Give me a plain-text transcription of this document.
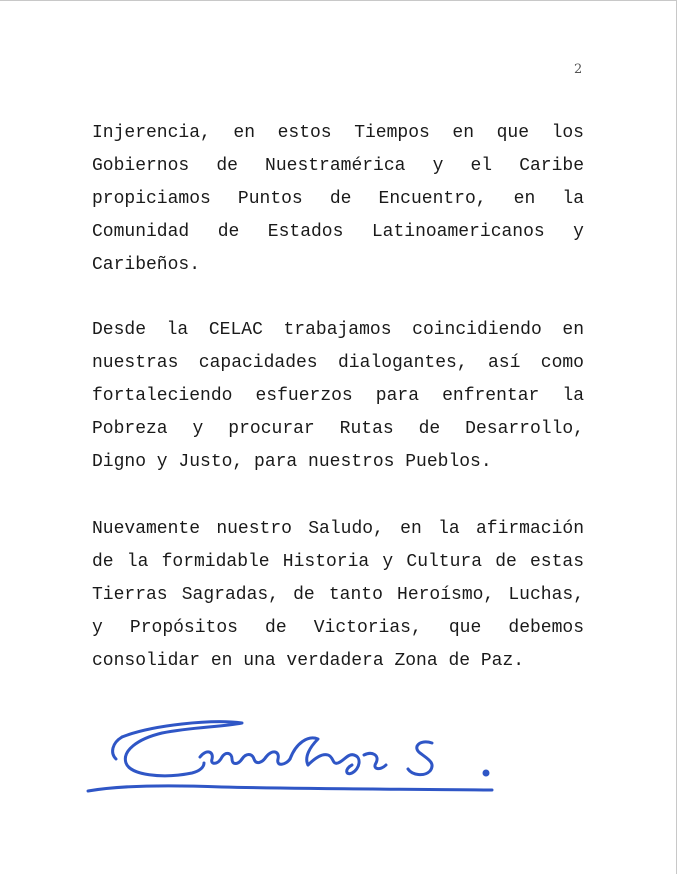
2
Injerencia, en estos Tiempos en que los
Gobiernos de Nuestramérica y el Caribe
propiciamos Puntos de Encuentro, en la
Comunidad de Estados Latinoamericanos y
Caribeños.
Desde la CELAC trabajamos coincidiendo en
nuestras capacidades dialogantes, así como
fortaleciendo esfuerzos para enfrentar la
Pobreza y procurar Rutas de Desarrollo,
Digno y Justo, para nuestros Pueblos.
Nuevamente nuestro Saludo, en la afirmación
de la formidable Historia y Cultura de estas
Tierras Sagradas, de tanto Heroísmo, Luchas,
y Propósitos de Victorias, que debemos
consolidar en una verdadera Zona de Paz.
